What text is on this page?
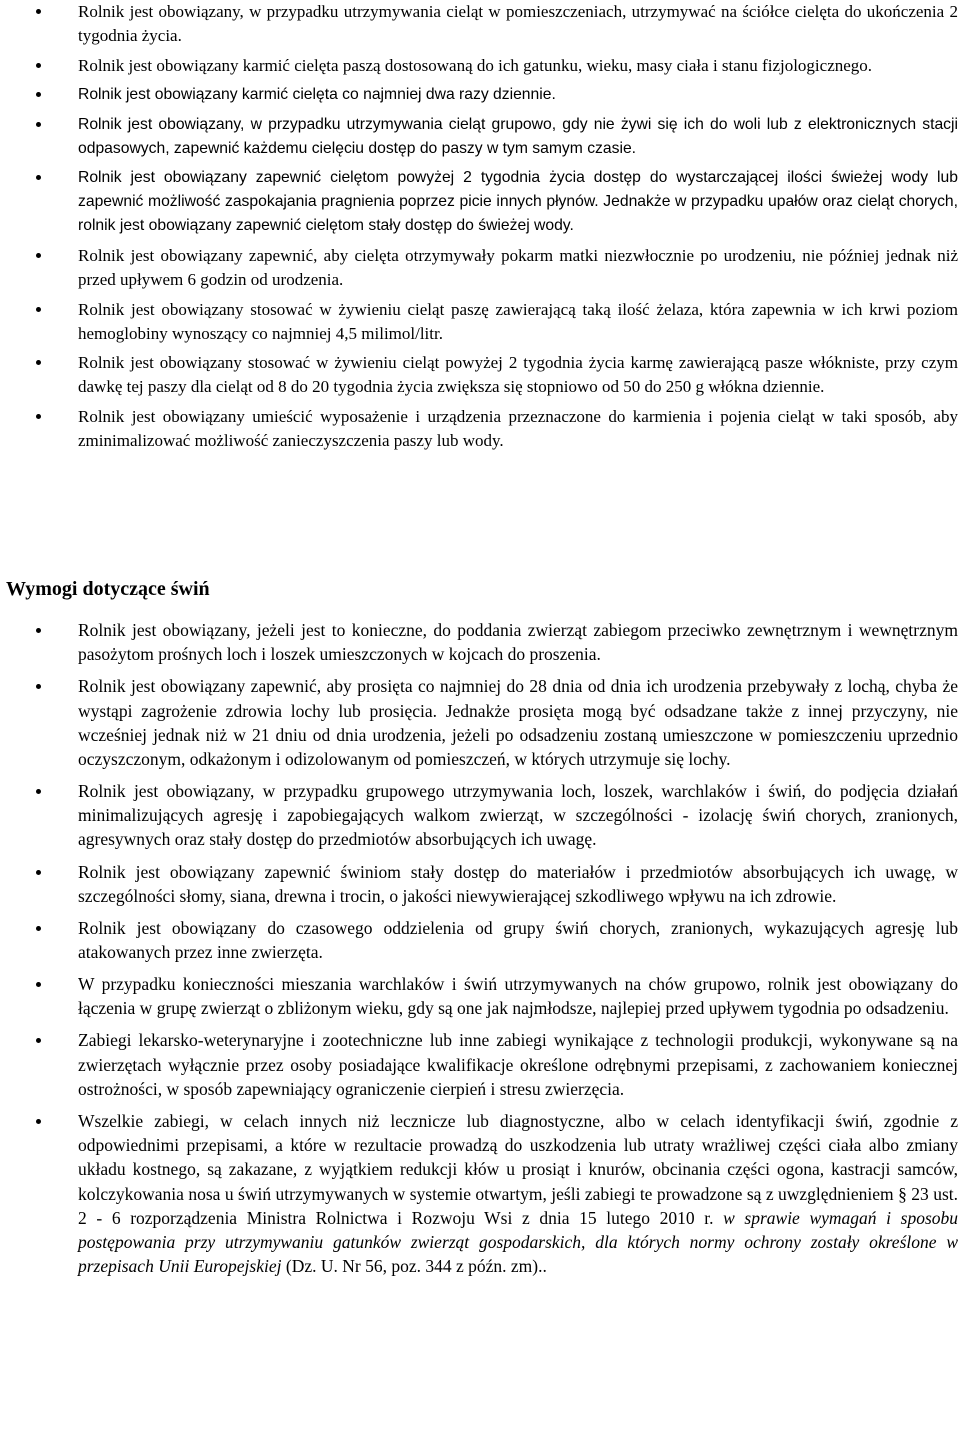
Rolnik jest obowiązany, w przypadku utrzymywania cieląt w pomieszczeniach, utrzymywać na ściółce cielęta do ukończenia 2 tygodnia życia.
Rolnik jest obowiązany karmić cielęta paszą dostosowaną do ich gatunku, wieku, masy ciała i stanu fizjologicznego.
Rolnik jest obowiązany karmić cielęta co najmniej dwa razy dziennie.
Rolnik jest obowiązany, w przypadku utrzymywania cieląt grupowo, gdy nie żywi się ich do woli lub z elektronicznych stacji odpasowych, zapewnić każdemu cielęciu dostęp do paszy w tym samym czasie.
Rolnik jest obowiązany zapewnić cielętom powyżej 2 tygodnia życia dostęp do wystarczającej ilości świeżej wody lub zapewnić możliwość zaspokajania pragnienia poprzez picie innych płynów. Jednakże w przypadku upałów oraz cieląt chorych, rolnik jest obowiązany zapewnić cielętom stały dostęp do świeżej wody.
Rolnik jest obowiązany zapewnić, aby cielęta otrzymywały pokarm matki niezwłocznie po urodzeniu, nie później jednak niż przed upływem 6 godzin od urodzenia.
Rolnik jest obowiązany stosować w żywieniu cieląt paszę zawierającą taką ilość żelaza, która zapewnia w ich krwi poziom hemoglobiny wynoszący co najmniej 4,5 milimol/litr.
Rolnik jest obowiązany stosować w żywieniu cieląt powyżej 2 tygodnia życia karmę zawierającą pasze włókniste, przy czym dawkę tej paszy dla cieląt od 8 do 20 tygodnia życia zwiększa się stopniowo od 50 do 250 g włókna dziennie.
Rolnik jest obowiązany umieścić wyposażenie i urządzenia przeznaczone do karmienia i pojenia cieląt w taki sposób, aby zminimalizować możliwość zanieczyszczenia paszy lub wody.
Wymogi dotyczące świń
Rolnik jest obowiązany, jeżeli jest to konieczne, do poddania zwierząt zabiegom przeciwko zewnętrznym i wewnętrznym pasożytom prośnych loch i loszek umieszczonych w kojcach do proszenia.
Rolnik jest obowiązany zapewnić, aby prosięta co najmniej do 28 dnia od dnia ich urodzenia przebywały z lochą, chyba że wystąpi zagrożenie zdrowia lochy lub prosięcia. Jednakże prosięta mogą być odsadzane także z innej przyczyny, nie wcześniej jednak niż w 21 dniu od dnia urodzenia, jeżeli po odsadzeniu zostaną umieszczone w pomieszczeniu uprzednio oczyszczonym, odkażonym i odizolowanym od pomieszczeń, w których utrzymuje się lochy.
Rolnik jest obowiązany, w przypadku grupowego utrzymywania loch, loszek, warchlaków i świń, do podjęcia działań minimalizujących agresję i zapobiegających walkom zwierząt, w szczególności - izolację świń chorych, zranionych, agresywnych oraz stały dostęp do przedmiotów absorbujących ich uwagę.
Rolnik jest obowiązany zapewnić świniom stały dostęp do materiałów i przedmiotów absorbujących ich uwagę, w szczególności słomy, siana, drewna i trocin, o jakości niewywierającej szkodliwego wpływu na ich zdrowie.
Rolnik jest obowiązany do czasowego oddzielenia od grupy świń chorych, zranionych, wykazujących agresję lub atakowanych przez inne zwierzęta.
W przypadku konieczności mieszania warchlaków i świń utrzymywanych na chów grupowo, rolnik jest obowiązany do łączenia w grupę zwierząt o zbliżonym wieku, gdy są one jak najmłodsze, najlepiej przed upływem tygodnia po odsadzeniu.
Zabiegi lekarsko-weterynaryjne i zootechniczne lub inne zabiegi wynikające z technologii produkcji, wykonywane są na zwierzętach wyłącznie przez osoby posiadające kwalifikacje określone odrębnymi przepisami, z zachowaniem koniecznej ostrożności, w sposób zapewniający ograniczenie cierpień i stresu zwierzęcia.
Wszelkie zabiegi, w celach innych niż lecznicze lub diagnostyczne, albo w celach identyfikacji świń, zgodnie z odpowiednimi przepisami, a które w rezultacie prowadzą do uszkodzenia lub utraty wrażliwej części ciała albo zmiany układu kostnego, są zakazane, z wyjątkiem redukcji kłów u prosiąt i knurów, obcinania części ogona, kastracji samców, kolczykowania nosa u świń utrzymywanych w systemie otwartym, jeśli zabiegi te prowadzone są z uwzględnieniem § 23 ust. 2 - 6 rozporządzenia Ministra Rolnictwa i Rozwoju Wsi z dnia 15 lutego 2010 r. w sprawie wymagań i sposobu postępowania przy utrzymywaniu gatunków zwierząt gospodarskich, dla których normy ochrony zostały określone w przepisach Unii Europejskiej (Dz. U. Nr 56, poz. 344 z późn. zm)..
